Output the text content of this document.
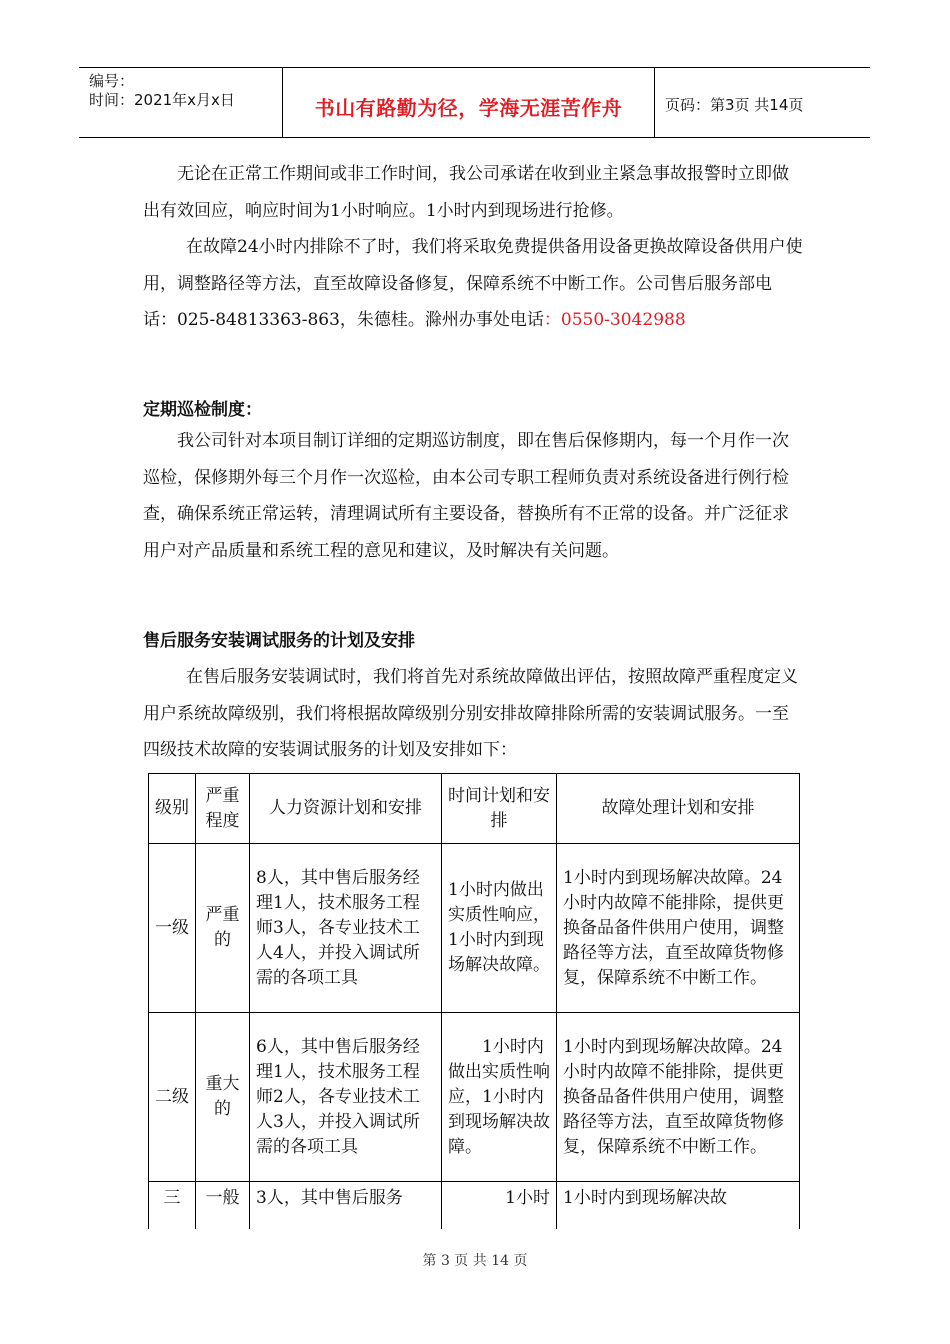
编号：
时间：2021年x月x日	书山有路勤为径，学海无涯苦作舟	页码：第3页 共14页
无论在正常工作期间或非工作时间，我公司承诺在收到业主紧急事故报警时立即做出有效回应，响应时间为1小时响应。1小时内到现场进行抢修。
在故障24小时内排除不了时，我们将采取免费提供备用设备更换故障设备供用户使用，调整路径等方法，直至故障设备修复，保障系统不中断工作。公司售后服务部电话：025-84813363-863，朱德桂。滁州办事处电话：0550-3042988
定期巡检制度：
我公司针对本项目制订详细的定期巡访制度，即在售后保修期内，每一个月作一次巡检，保修期外每三个月作一次巡检，由本公司专职工程师负责对系统设备进行例行检查，确保系统正常运转，清理调试所有主要设备，替换所有不正常的设备。并广泛征求用户对产品质量和系统工程的意见和建议，及时解决有关问题。
售后服务安装调试服务的计划及安排
在售后服务安装调试时，我们将首先对系统故障做出评估，按照故障严重程度定义用户系统故障级别，我们将根据故障级别分别安排故障排除所需的安装调试服务。一至四级技术故障的安装调试服务的计划及安排如下：
级别	严重程度	人力资源计划和安排	时间计划和安排	故障处理计划和安排
一级	严重的	8人，其中售后服务经理1人，技术服务工程师3人，各专业技术工人4人，并投入调试所需的各项工具	1小时内做出实质性响应，1小时内到现场解决故障。	1小时内到现场解决故障。24小时内故障不能排除，提供更换备品备件供用户使用，调整路径等方法，直至故障货物修复，保障系统不中断工作。
二级	重大的	6人，其中售后服务经理1人，技术服务工程师2人，各专业技术工人3人，并投入调试所需的各项工具	1小时内做出实质性响应，1小时内到现场解决故障。	1小时内到现场解决故障。24小时内故障不能排除，提供更换备品备件供用户使用，调整路径等方法，直至故障货物修复，保障系统不中断工作。
三	一般	3人，其中售后服务	1小时	1小时内到现场解决故
第 3 页 共 14 页
